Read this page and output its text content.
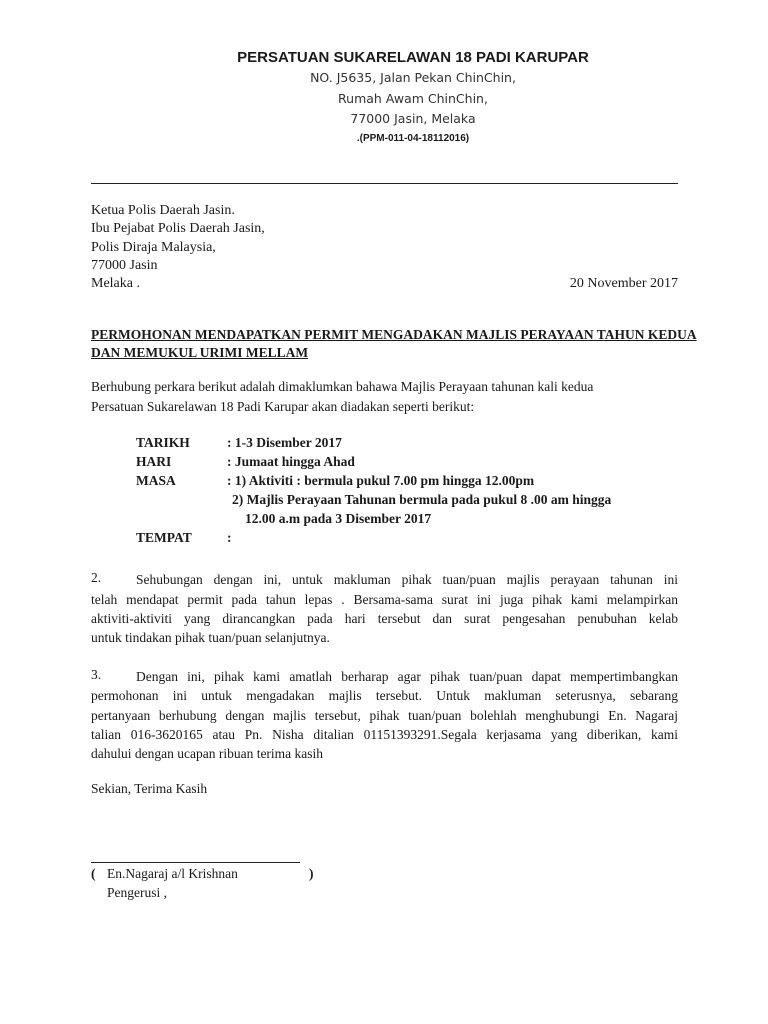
PERSATUAN SUKARELAWAN 18 PADI KARUPAR
NO. J5635, Jalan Pekan ChinChin,
Rumah Awam ChinChin,
77000 Jasin, Melaka
.(PPM-011-04-18112016)
Ketua Polis Daerah Jasin.
Ibu Pejabat Polis Daerah Jasin,
Polis Diraja Malaysia,
77000 Jasin
Melaka .	20 November 2017
PERMOHONAN MENDAPATKAN PERMIT MENGADAKAN MAJLIS PERAYAAN TAHUN KEDUA
DAN MEMUKUL URIMI MELLAM
Berhubung perkara berikut adalah dimaklumkan bahawa Majlis Perayaan tahunan kali kedua
Persatuan Sukarelawan 18 Padi Karupar akan diadakan seperti berikut:
TARIKH	: 1-3 Disember 2017
HARI	: Jumaat hingga Ahad
MASA	: 1) Aktiviti : bermula pukul 7.00 pm hingga 12.00pm
2) Majlis Perayaan Tahunan bermula pada pukul 8 .00 am hingga
12.00 a.m pada 3 Disember 2017
TEMPAT	:
2.	Sehubungan dengan ini, untuk makluman pihak tuan/puan majlis perayaan tahunan ini
telah mendapat permit pada tahun lepas . Bersama-sama surat ini juga pihak kami melampirkan
aktiviti-aktiviti yang dirancangkan pada hari tersebut dan surat pengesahan penubuhan kelab
untuk tindakan pihak tuan/puan selanjutnya.
3.	Dengan ini, pihak kami amatlah berharap agar pihak tuan/puan dapat mempertimbangkan
permohonan ini untuk mengadakan majlis tersebut. Untuk makluman seterusnya, sebarang
pertanyaan berhubung dengan majlis tersebut, pihak tuan/puan bolehlah menghubungi En. Nagaraj
talian 016-3620165 atau Pn. Nisha ditalian 01151393291.Segala kerjasama yang diberikan, kami
dahului dengan ucapan ribuan terima kasih
Sekian, Terima Kasih
( En.Nagaraj a/l Krishnan	)
Pengerusi ,
